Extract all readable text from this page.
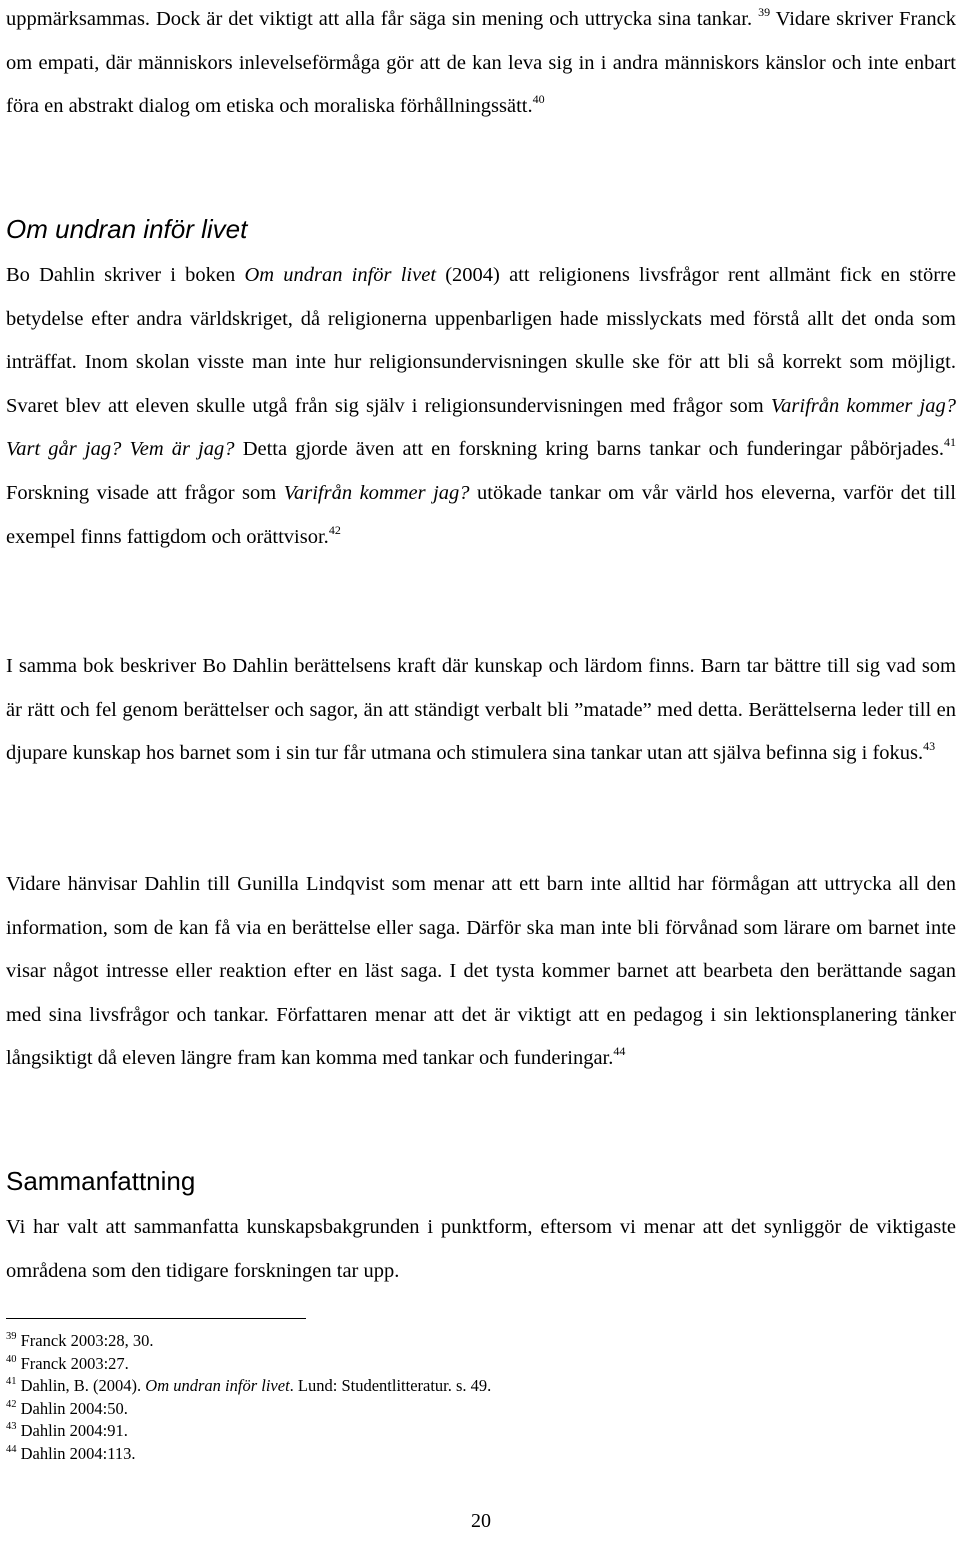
uppmärksammas. Dock är det viktigt att alla får säga sin mening och uttrycka sina tankar. $^{39}$ Vidare skriver Franck om empati, där människors inlevelseförmåga gör att de kan leva sig in i andra människors känslor och inte enbart föra en abstrakt dialog om etiska och moraliska förhållningssätt.$^{40}$

Om undran inför livet

Bo Dahlin skriver i boken Om undran inför livet (2004) att religionens livsfrågor rent allmänt fick en större betydelse efter andra världskriget, då religionerna uppenbarligen hade misslyckats med förstå allt det onda som inträffat. Inom skolan visste man inte hur religionsundervisningen skulle ske för att bli så korrekt som möjligt. Svaret blev att eleven skulle utgå från sig själv i religionsundervisningen med frågor som Varifrån kommer jag? Vart går jag? Vem är jag? Detta gjorde även att en forskning kring barns tankar och funderingar påbörjades.$^{41}$ Forskning visade att frågor som Varifrån kommer jag? utökade tankar om vår värld hos eleverna, varför det till exempel finns fattigdom och orättvisor.$^{42}$

I samma bok beskriver Bo Dahlin berättelsens kraft där kunskap och lärdom finns. Barn tar bättre till sig vad som är rätt och fel genom berättelser och sagor, än att ständigt verbalt bli ”matade” med detta. Berättelserna leder till en djupare kunskap hos barnet som i sin tur får utmana och stimulera sina tankar utan att själva befinna sig i fokus.$^{43}$

Vidare hänvisar Dahlin till Gunilla Lindqvist som menar att ett barn inte alltid har förmågan att uttrycka all den information, som de kan få via en berättelse eller saga. Därför ska man inte bli förvånad som lärare om barnet inte visar något intresse eller reaktion efter en läst saga. I det tysta kommer barnet att bearbeta den berättande sagan med sina livsfrågor och tankar. Författaren menar att det är viktigt att en pedagog i sin lektionsplanering tänker långsiktigt då eleven längre fram kan komma med tankar och funderingar.$^{44}$

Sammanfattning

Vi har valt att sammanfatta kunskapsbakgrunden i punktform, eftersom vi menar att det synliggör de viktigaste områdena som den tidigare forskningen tar upp.

$^{39}$ Franck 2003:28, 30.
$^{40}$ Franck 2003:27.
$^{41}$ Dahlin, B. (2004). Om undran inför livet. Lund: Studentlitteratur. s. 49.
$^{42}$ Dahlin 2004:50.
$^{43}$ Dahlin 2004:91.
$^{44}$ Dahlin 2004:113.
20
